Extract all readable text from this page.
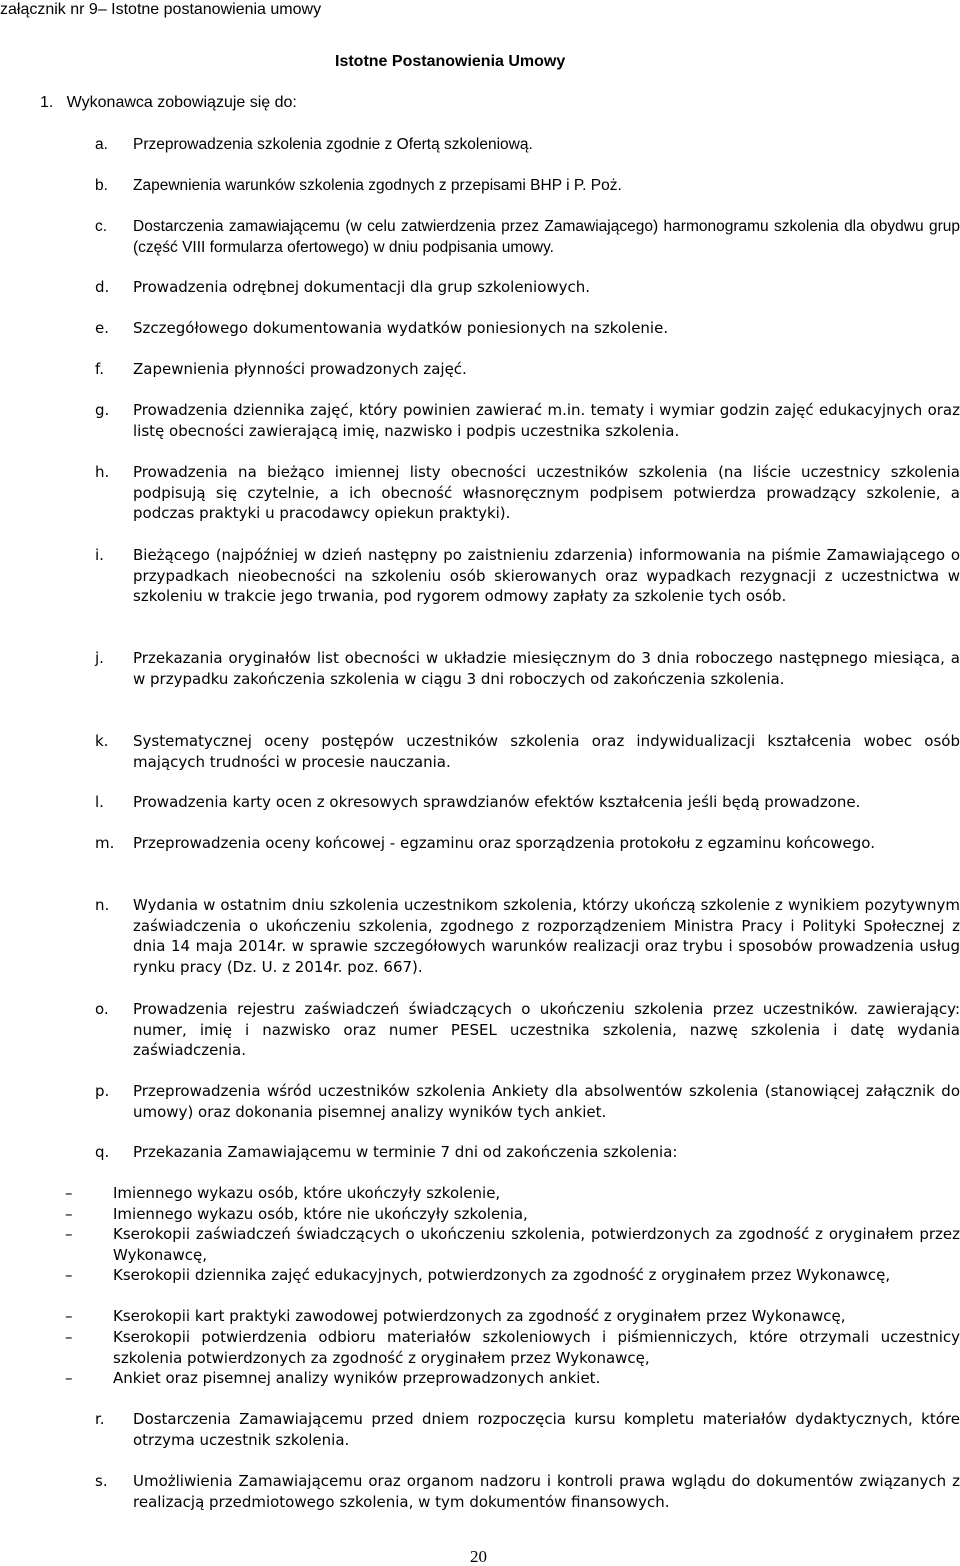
załącznik nr 9– Istotne postanowienia umowy
Istotne Postanowienia Umowy
1.   Wykonawca zobowiązuje się do:
a.	Przeprowadzenia szkolenia zgodnie z Ofertą szkoleniową.
b.	Zapewnienia warunków szkolenia zgodnych z przepisami BHP i P. Poż.
c.	Dostarczenia zamawiającemu (w celu zatwierdzenia przez Zamawiającego) harmonogramu szkolenia dla obydwu grup (część VIII formularza ofertowego) w dniu podpisania umowy.
d.	Prowadzenia odrębnej dokumentacji dla grup szkoleniowych.
e.	Szczegółowego dokumentowania wydatków poniesionych na szkolenie.
f.	Zapewnienia płynności prowadzonych zajęć.
g.	Prowadzenia dziennika zajęć, który powinien zawierać m.in. tematy i wymiar godzin zajęć edukacyjnych oraz listę obecności zawierającą imię, nazwisko i podpis uczestnika szkolenia.
h.	Prowadzenia na bieżąco imiennej listy obecności uczestników szkolenia (na liście uczestnicy szkolenia podpisują się czytelnie, a ich obecność własnoręcznym podpisem potwierdza prowadzący szkolenie, a podczas praktyki u pracodawcy opiekun praktyki).
i.	Bieżącego (najpóźniej w dzień następny po zaistnieniu zdarzenia) informowania na piśmie Zamawiającego o przypadkach nieobecności na szkoleniu osób skierowanych oraz wypadkach rezygnacji z uczestnictwa w szkoleniu w trakcie jego trwania, pod rygorem odmowy zapłaty za szkolenie tych osób.
j.	Przekazania oryginałów list obecności w układzie miesięcznym do 3 dnia roboczego następnego miesiąca, a w przypadku zakończenia szkolenia w ciągu 3 dni roboczych od zakończenia szkolenia.
k.	Systematycznej oceny postępów uczestników szkolenia oraz indywidualizacji kształcenia wobec osób mających trudności w procesie nauczania.
l.	Prowadzenia karty ocen z okresowych sprawdzianów efektów kształcenia jeśli będą prowadzone.
m.	Przeprowadzenia oceny końcowej - egzaminu oraz sporządzenia protokołu z egzaminu końcowego.
n.	Wydania w ostatnim dniu szkolenia uczestnikom szkolenia, którzy ukończą szkolenie z wynikiem pozytywnym zaświadczenia o ukończeniu szkolenia, zgodnego z rozporządzeniem Ministra Pracy i Polityki Społecznej z dnia 14 maja 2014r. w sprawie szczegółowych warunków realizacji oraz trybu i sposobów prowadzenia usług rynku pracy (Dz. U. z 2014r. poz. 667).
o.	Prowadzenia rejestru zaświadczeń świadczących o ukończeniu szkolenia przez uczestników. zawierający: numer, imię i nazwisko oraz numer PESEL uczestnika szkolenia, nazwę szkolenia i datę wydania zaświadczenia.
p.	Przeprowadzenia wśród uczestników szkolenia Ankiety dla absolwentów szkolenia (stanowiącej załącznik do umowy) oraz dokonania pisemnej analizy wyników tych ankiet.
q.	Przekazania Zamawiającemu w terminie 7 dni od zakończenia szkolenia:
–	Imiennego wykazu osób, które ukończyły szkolenie,
–	Imiennego wykazu osób, które nie ukończyły szkolenia,
–	Kserokopii zaświadczeń świadczących o ukończeniu szkolenia, potwierdzonych za zgodność z oryginałem przez Wykonawcę,
–	Kserokopii dziennika zajęć edukacyjnych, potwierdzonych za zgodność z oryginałem przez Wykonawcę,
–	Kserokopii kart praktyki zawodowej potwierdzonych za zgodność z oryginałem przez Wykonawcę,
–	Kserokopii potwierdzenia odbioru materiałów szkoleniowych i piśmienniczych, które otrzymali uczestnicy szkolenia potwierdzonych za zgodność z oryginałem przez Wykonawcę,
–	Ankiet oraz pisemnej analizy wyników przeprowadzonych ankiet.
r.	Dostarczenia Zamawiającemu przed dniem rozpoczęcia kursu kompletu materiałów dydaktycznych, które otrzyma uczestnik szkolenia.
s.	Umożliwienia Zamawiającemu oraz organom nadzoru i kontroli prawa wglądu do dokumentów związanych z realizacją przedmiotowego szkolenia, w tym dokumentów finansowych.
20
